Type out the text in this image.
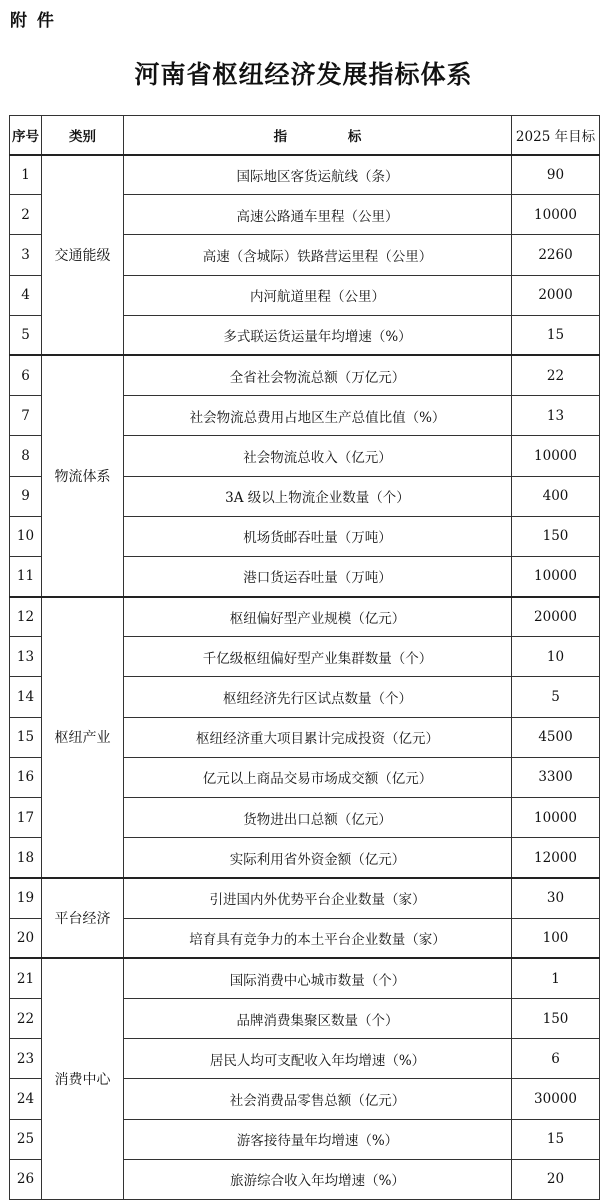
附 件
河南省枢纽经济发展指标体系
序号	类别	指 标	2025 年目标
1	交通能级	国际地区客货运航线（条）	90
2		高速公路通车里程（公里）	10000
3		高速（含城际）铁路营运里程（公里）	2260
4		内河航道里程（公里）	2000
5		多式联运货运量年均增速（%）	15
6	物流体系	全省社会物流总额（万亿元）	22
7		社会物流总费用占地区生产总值比值（%）	13
8		社会物流总收入（亿元）	10000
9		3A 级以上物流企业数量（个）	400
10		机场货邮吞吐量（万吨）	150
11		港口货运吞吐量（万吨）	10000
12	枢纽产业	枢纽偏好型产业规模（亿元）	20000
13		千亿级枢纽偏好型产业集群数量（个）	10
14		枢纽经济先行区试点数量（个）	5
15		枢纽经济重大项目累计完成投资（亿元）	4500
16		亿元以上商品交易市场成交额（亿元）	3300
17		货物进出口总额（亿元）	10000
18		实际利用省外资金额（亿元）	12000
19	平台经济	引进国内外优势平台企业数量（家）	30
20		培育具有竞争力的本土平台企业数量（家）	100
21	消费中心	国际消费中心城市数量（个）	1
22		品牌消费集聚区数量（个）	150
23		居民人均可支配收入年均增速（%）	6
24		社会消费品零售总额（亿元）	30000
25		游客接待量年均增速（%）	15
26		旅游综合收入年均增速（%）	20
